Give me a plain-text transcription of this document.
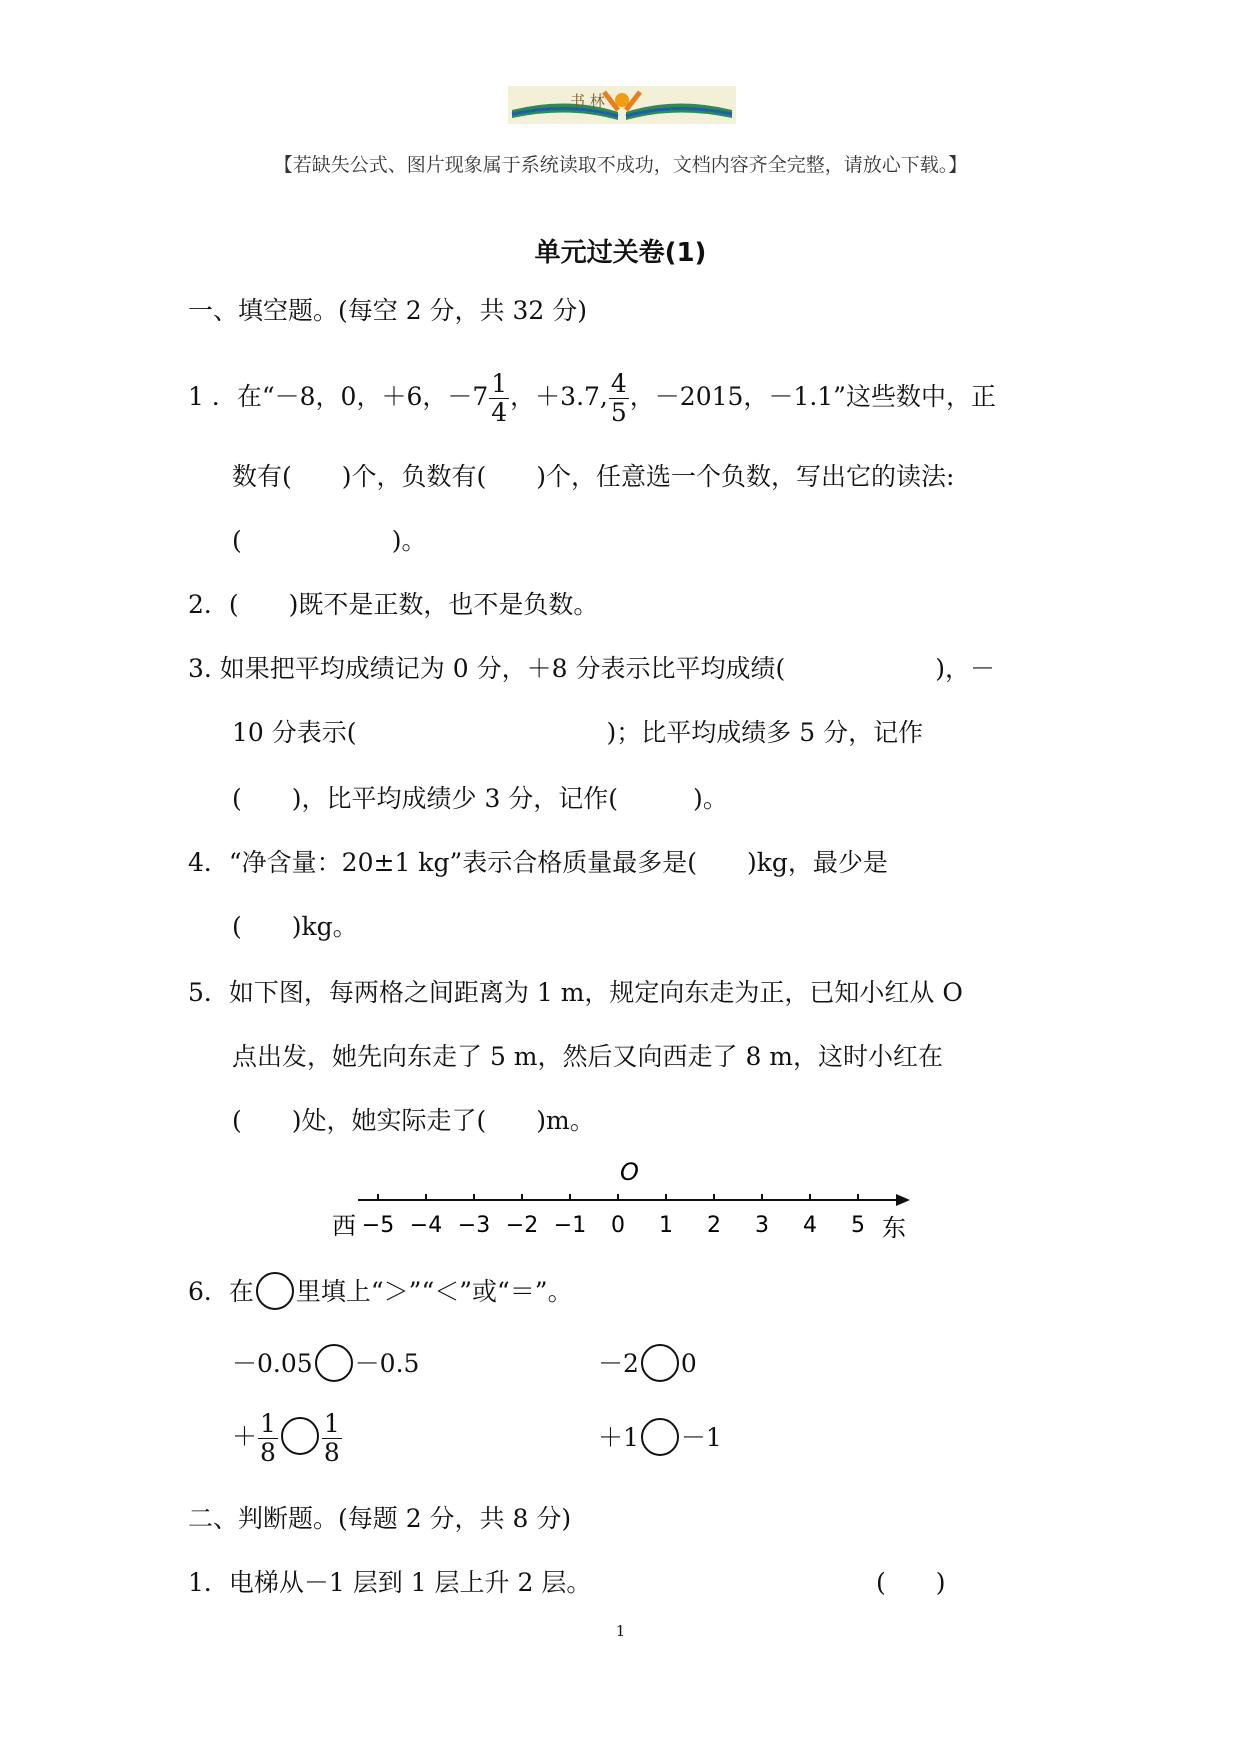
书 林
【若缺失公式、图片现象属于系统读取不成功，文档内容齐全完整，请放心下载。】
单元过关卷(1)
一、填空题。(每空 2 分，共 32 分)
1 ．在“－8，0，＋6，$-7 \frac{1}{4}$ ，＋3.7, $\frac{4}{5}$ ，－2015，－1.1”这些数中，正
数有(　　)个，负数有(　　)个，任意选一个负数，写出它的读法:
(　　　　　　)。
2．(　　)既不是正数，也不是负数。
3. 如果把平均成绩记为 0 分，＋8 分表示比平均成绩(　　　　　　)，－
10 分表示(　　　　　　　　　　)；比平均成绩多 5 分，记作
(　　)，比平均成绩少 3 分，记作(　　　)。
4．“净含量：20±1 kg”表示合格质量最多是(　　)kg，最少是
(　　)kg。
5．如下图，每两格之间距离为 1 m，规定向东走为正，已知小红从 O
点出发，她先向东走了 5 m，然后又向西走了 8 m，这时小红在
(　　)处，她实际走了(　　)m。
−5 −4 −3 −2 −1 0 1 2 3 4 5
O
西	东
6．在 里填上“＞”“＜”或“＝”。
－0.05 －0.5	－2 0
＋ $\frac{1}{8} \frac{1}{8}$	＋1 －1
二、判断题。(每题 2 分，共 8 分)
1．电梯从－1 层到 1 层上升 2 层。	(　　)
1
